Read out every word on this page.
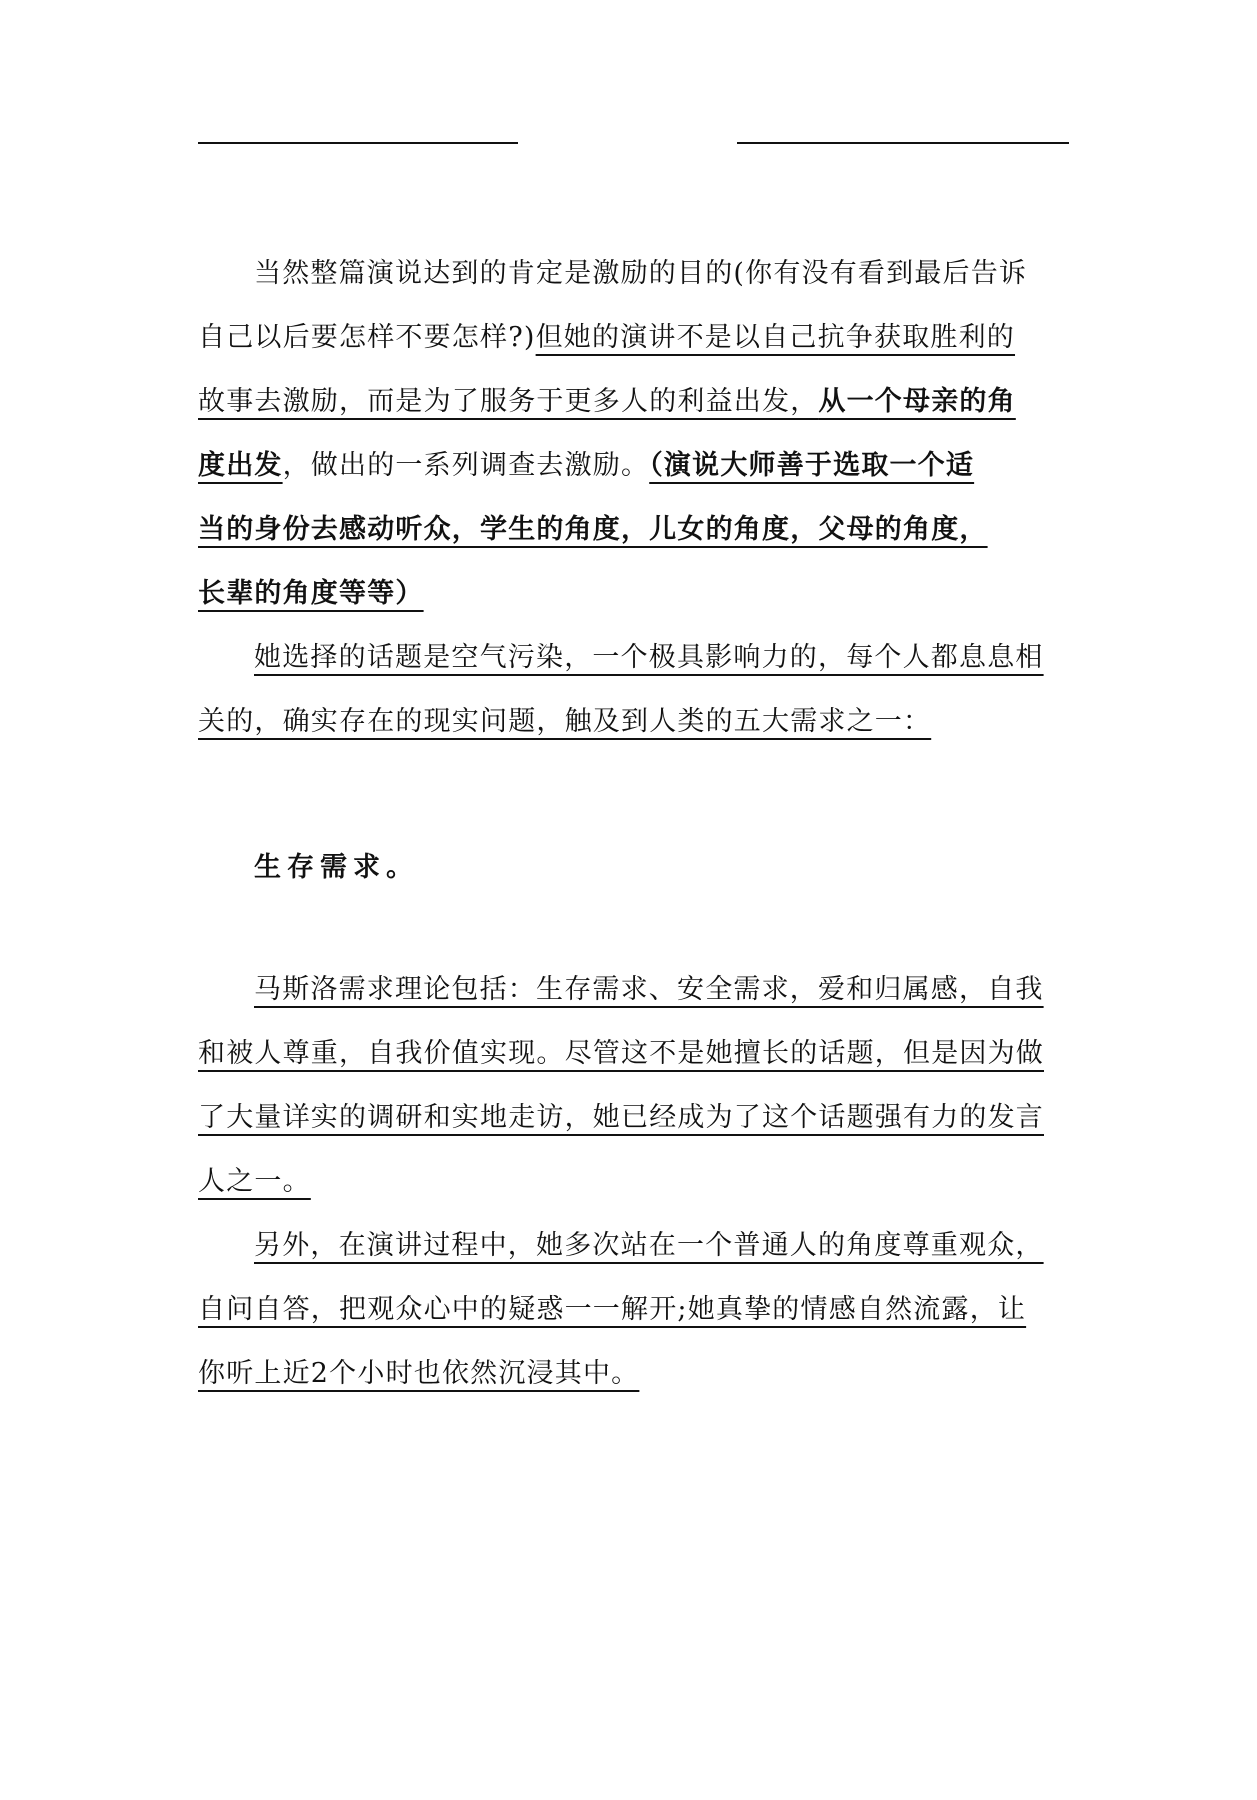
当然整篇演说达到的肯定是激励的目的(你有没有看到最后告诉
自己以后要怎样不要怎样?)但她的演讲不是以自己抗争获取胜利的
故事去激励，而是为了服务于更多人的利益出发，从一个母亲的角
度出发，做出的一系列调查去激励。（演说大师善于选取一个适
当的身份去感动听众，学生的角度，儿女的角度，父母的角度，
长辈的角度等等）
她选择的话题是空气污染，一个极具影响力的，每个人都息息相
关的，确实存在的现实问题，触及到人类的五大需求之一：
生存需求。
马斯洛需求理论包括：生存需求、安全需求，爱和归属感，自我
和被人尊重，自我价值实现。尽管这不是她擅长的话题，但是因为做
了大量详实的调研和实地走访，她已经成为了这个话题强有力的发言
人之一。
另外，在演讲过程中，她多次站在一个普通人的角度尊重观众，
自问自答，把观众心中的疑惑一一解开;她真挚的情感自然流露，让
你听上近2个小时也依然沉浸其中。
